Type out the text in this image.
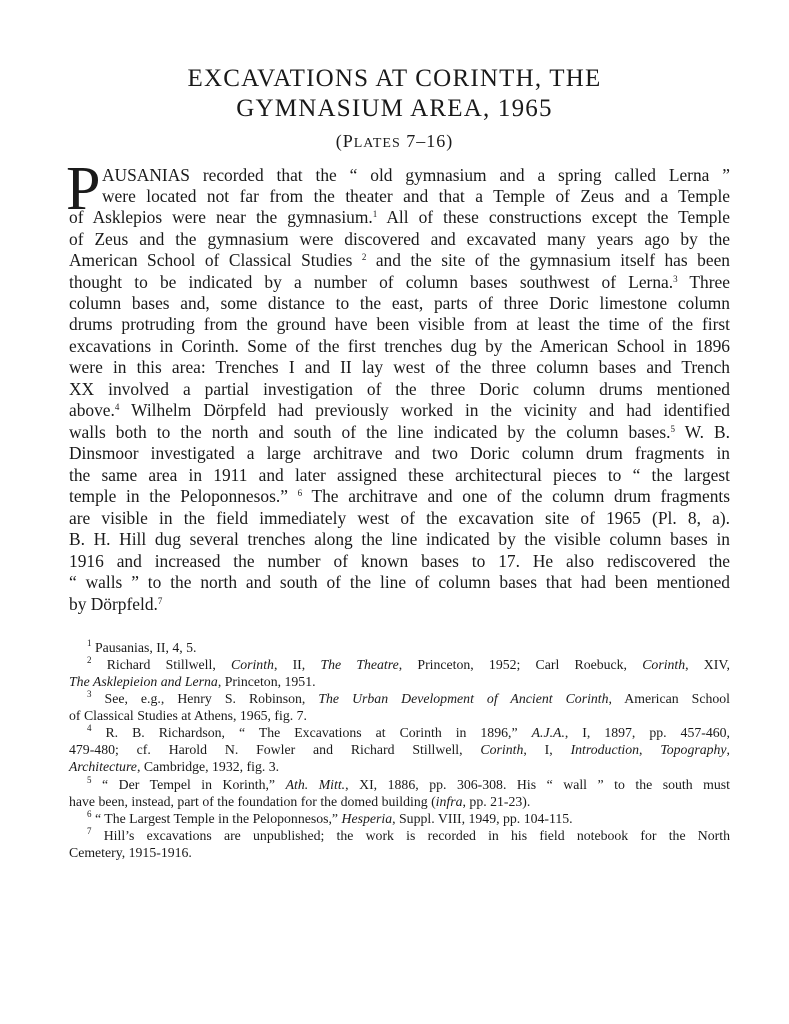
EXCAVATIONS AT CORINTH, THE
GYMNASIUM AREA, 1965
(PLATES 7–16)
P AUSANIAS recorded that the “ old gymnasium and a spring called Lerna ”
were located not far from the theater and that a Temple of Zeus and a Temple
of Asklepios were near the gymnasium.$^1$ All of these constructions except the Temple
of Zeus and the gymnasium were discovered and excavated many years ago by the
American School of Classical Studies $^2$ and the site of the gymnasium itself has been
thought to be indicated by a number of column bases southwest of Lerna.$^3$ Three
column bases and, some distance to the east, parts of three Doric limestone column
drums protruding from the ground have been visible from at least the time of the first
excavations in Corinth. Some of the first trenches dug by the American School in 1896
were in this area: Trenches I and II lay west of the three column bases and Trench
XX involved a partial investigation of the three Doric column drums mentioned
above.$^4$ Wilhelm Dörpfeld had previously worked in the vicinity and had identified
walls both to the north and south of the line indicated by the column bases.$^5$ W. B.
Dinsmoor investigated a large architrave and two Doric column drum fragments in
the same area in 1911 and later assigned these architectural pieces to “ the largest
temple in the Peloponnesos.” $^6$ The architrave and one of the column drum fragments
are visible in the field immediately west of the excavation site of 1965 (Pl. 8, a).
B. H. Hill dug several trenches along the line indicated by the visible column bases in
1916 and increased the number of known bases to 17. He also rediscovered the
“ walls ” to the north and south of the line of column bases that had been mentioned
by Dörpfeld.$^7$
$^1$ Pausanias, II, 4, 5.
$^2$ Richard Stillwell, Corinth, II, The Theatre, Princeton, 1952; Carl Roebuck, Corinth, XIV,
The Asklepieion and Lerna, Princeton, 1951.
$^3$ See, e.g., Henry S. Robinson, The Urban Development of Ancient Corinth, American School
of Classical Studies at Athens, 1965, fig. 7.
$^4$ R. B. Richardson, “ The Excavations at Corinth in 1896,” A.J.A., I, 1897, pp. 457-460,
479-480; cf. Harold N. Fowler and Richard Stillwell, Corinth, I, Introduction, Topography,
Architecture, Cambridge, 1932, fig. 3.
$^5$ “ Der Tempel in Korinth,” Ath. Mitt., XI, 1886, pp. 306-308. His “ wall ” to the south must
have been, instead, part of the foundation for the domed building (infra, pp. 21-23).
$^6$ “ The Largest Temple in the Peloponnesos,” Hesperia, Suppl. VIII, 1949, pp. 104-115.
$^7$ Hill’s excavations are unpublished; the work is recorded in his field notebook for the North
Cemetery, 1915-1916.
